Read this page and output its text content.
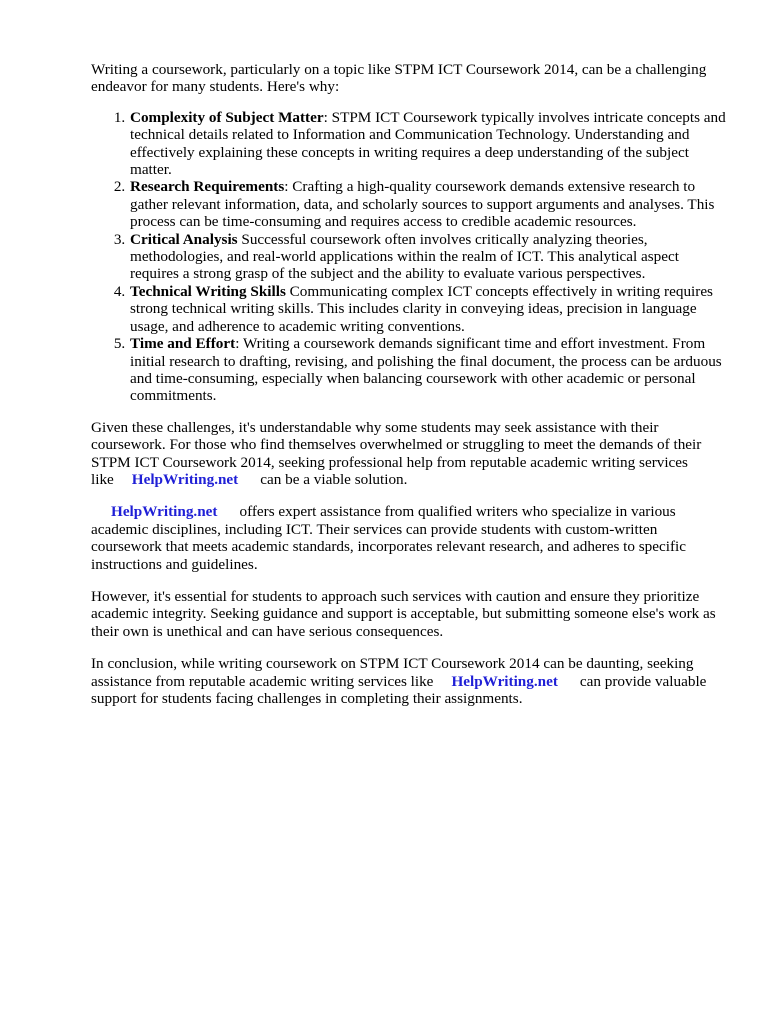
Writing a coursework, particularly on a topic like STPM ICT Coursework 2014, can be a challenging endeavor for many students. Here's why:

1. Complexity of Subject Matter: STPM ICT Coursework typically involves intricate concepts and technical details related to Information and Communication Technology. Understanding and effectively explaining these concepts in writing requires a deep understanding of the subject matter.
2. Research Requirements: Crafting a high-quality coursework demands extensive research to gather relevant information, data, and scholarly sources to support arguments and analyses. This process can be time-consuming and requires access to credible academic resources.
3. Critical Analysis Successful coursework often involves critically analyzing theories, methodologies, and real-world applications within the realm of ICT. This analytical aspect requires a strong grasp of the subject and the ability to evaluate various perspectives.
4. Technical Writing Skills Communicating complex ICT concepts effectively in writing requires strong technical writing skills. This includes clarity in conveying ideas, precision in language usage, and adherence to academic writing conventions.
5. Time and Effort: Writing a coursework demands significant time and effort investment. From initial research to drafting, revising, and polishing the final document, the process can be arduous and time-consuming, especially when balancing coursework with other academic or personal commitments.

Given these challenges, it's understandable why some students may seek assistance with their coursework. For those who find themselves overwhelmed or struggling to meet the demands of their STPM ICT Coursework 2014, seeking professional help from reputable academic writing services like HelpWriting.net can be a viable solution.

HelpWriting.net offers expert assistance from qualified writers who specialize in various academic disciplines, including ICT. Their services can provide students with custom-written coursework that meets academic standards, incorporates relevant research, and adheres to specific instructions and guidelines.

However, it's essential for students to approach such services with caution and ensure they prioritize academic integrity. Seeking guidance and support is acceptable, but submitting someone else's work as their own is unethical and can have serious consequences.

In conclusion, while writing coursework on STPM ICT Coursework 2014 can be daunting, seeking assistance from reputable academic writing services like HelpWriting.net can provide valuable support for students facing challenges in completing their assignments.
